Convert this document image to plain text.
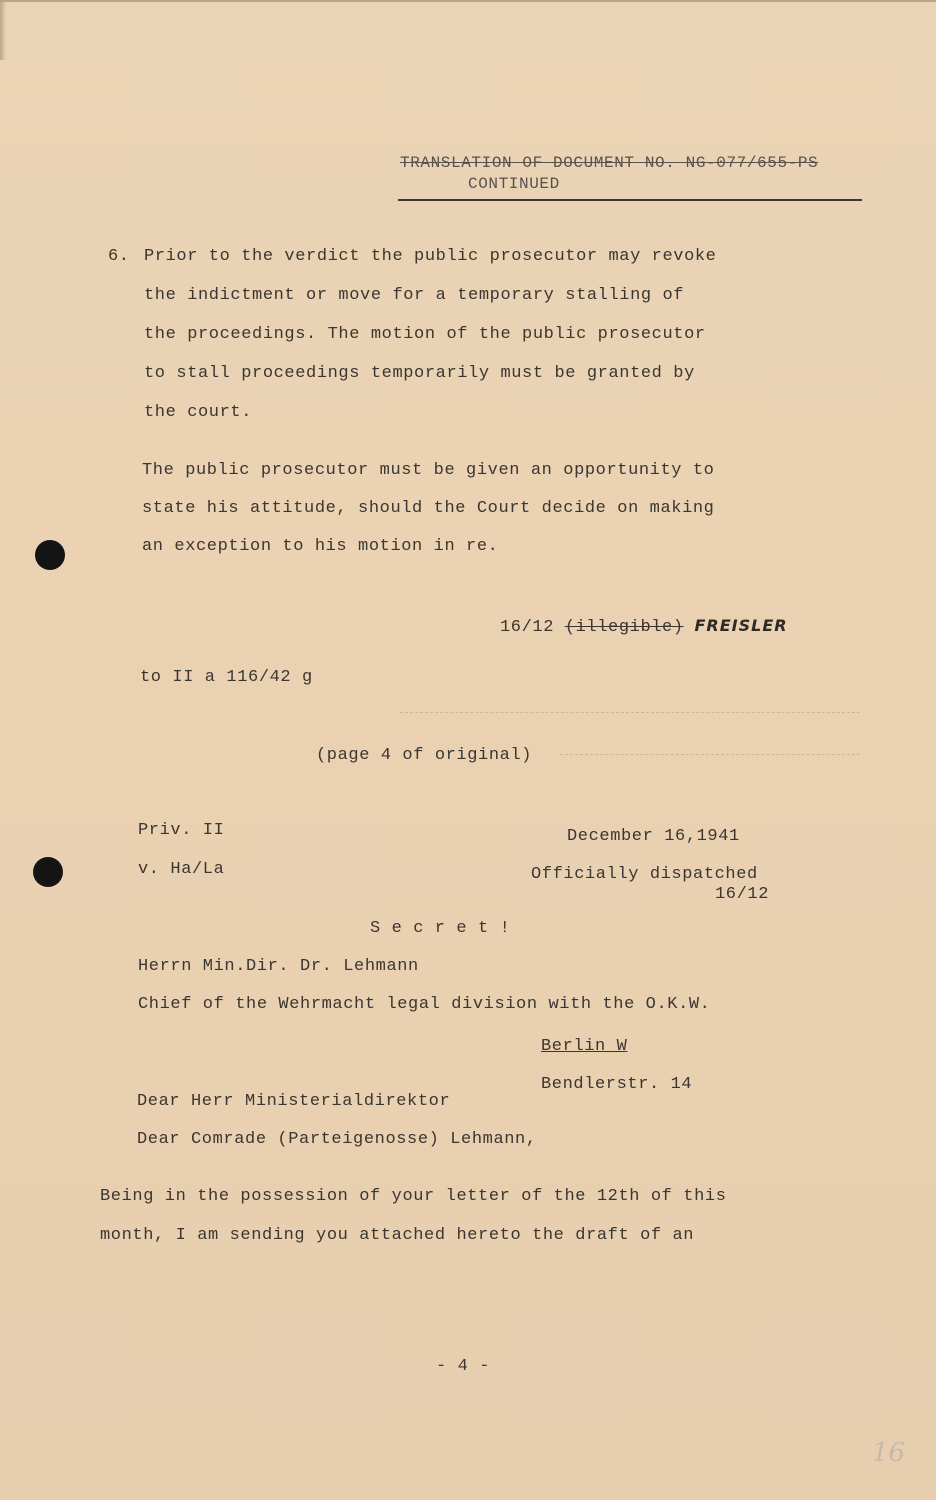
TRANSLATION OF DOCUMENT NO. NG-077/655-PS
CONTINUED
6. Prior to the verdict the public prosecutor may revoke
the indictment or move for a temporary stalling of
the proceedings. The motion of the public prosecutor
to stall proceedings temporarily must be granted by
the court.
The public prosecutor must be given an opportunity to
state his attitude, should the Court decide on making
an exception to his motion in re.
16/12 (illegible) FREISLER
to II a 116/42 g
(page 4 of original)
Priv. II	December 16,1941
v. Ha/La	Officially dispatched
16/12
S e c r e t !
Herrn Min.Dir. Dr. Lehmann
Chief of the Wehrmacht legal division with the O.K.W.
Berlin W
Bendlerstr. 14
Dear Herr Ministerialdirektor
Dear Comrade (Parteigenosse) Lehmann,
Being in the possession of your letter of the 12th of this
month, I am sending you attached hereto the draft of an
- 4 -
16
